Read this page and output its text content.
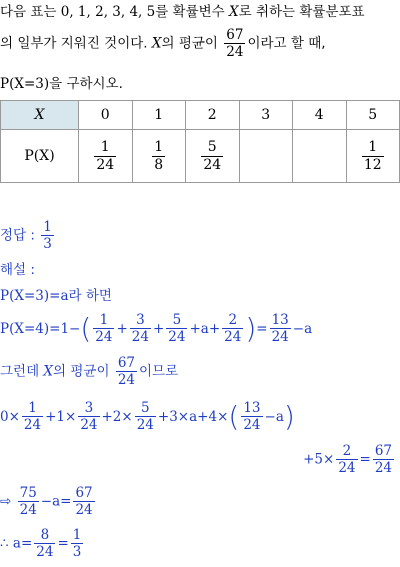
다음 표는 0, 1, 2, 3, 4, 5를 확률변수 X로 취하는 확률분포표
의 일부가 지워진 것이다. X의 평균이 $\frac{67}{24}$ 이라고 할 때,
P(X=3)을 구하시오.
X	0	1	2	3	4	5
P(X)	$\frac{1}{24}$	$\frac{1}{8}$	$\frac{5}{24}$			$\frac{1}{12}$
정답 : $\frac{1}{3}$
해설 :
P(X=3)=a라 하면
$P(X=4)=1-( \frac{1}{24} + \frac{3}{24} + \frac{5}{24} +a+ \frac{2}{24}$ )= $\frac{13}{24} -a$
그런데 X의 평균이 $\frac{67}{24}$ 이므로
$0\times \frac{1}{24} +1\times \frac{3}{24} +2\times \frac{5}{24} +3\times a+4\times( \frac{13}{24} -a)$
$+5\times \frac{2}{24} = \frac{67}{24}$
⇨ $\frac{75}{24} -a= \frac{67}{24}$
∴ $a= \frac{8}{24} = \frac{1}{3}$
